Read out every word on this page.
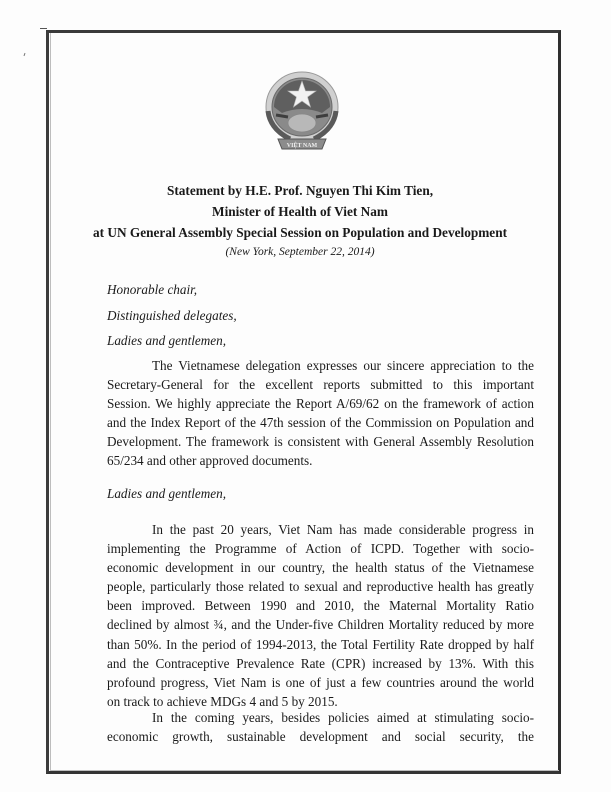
VIỆT NAM
Statement by H.E. Prof. Nguyen Thi Kim Tien,
Minister of Health of Viet Nam
at UN General Assembly Special Session on Population and Development
(New York, September 22, 2014)
Honorable chair,
Distinguished delegates,
Ladies and gentlemen,
The Vietnamese delegation expresses our sincere appreciation to the
Secretary-General for the excellent reports submitted to this important
Session. We highly appreciate the Report A/69/62 on the framework of action
and the Index Report of the 47th session of the Commission on Population and
Development. The framework is consistent with General Assembly Resolution
65/234 and other approved documents.
Ladies and gentlemen,
In the past 20 years, Viet Nam has made considerable progress in
implementing the Programme of Action of ICPD. Together with socio-
economic development in our country, the health status of the Vietnamese
people, particularly those related to sexual and reproductive health has greatly
been improved. Between 1990 and 2010, the Maternal Mortality Ratio
declined by almost ¾, and the Under-five Children Mortality reduced by more
than 50%. In the period of 1994-2013, the Total Fertility Rate dropped by half
and the Contraceptive Prevalence Rate (CPR) increased by 13%. With this
profound progress, Viet Nam is one of just a few countries around the world
on track to achieve MDGs 4 and 5 by 2015.
In the coming years, besides policies aimed at stimulating socio-
economic growth, sustainable development and social security, the
